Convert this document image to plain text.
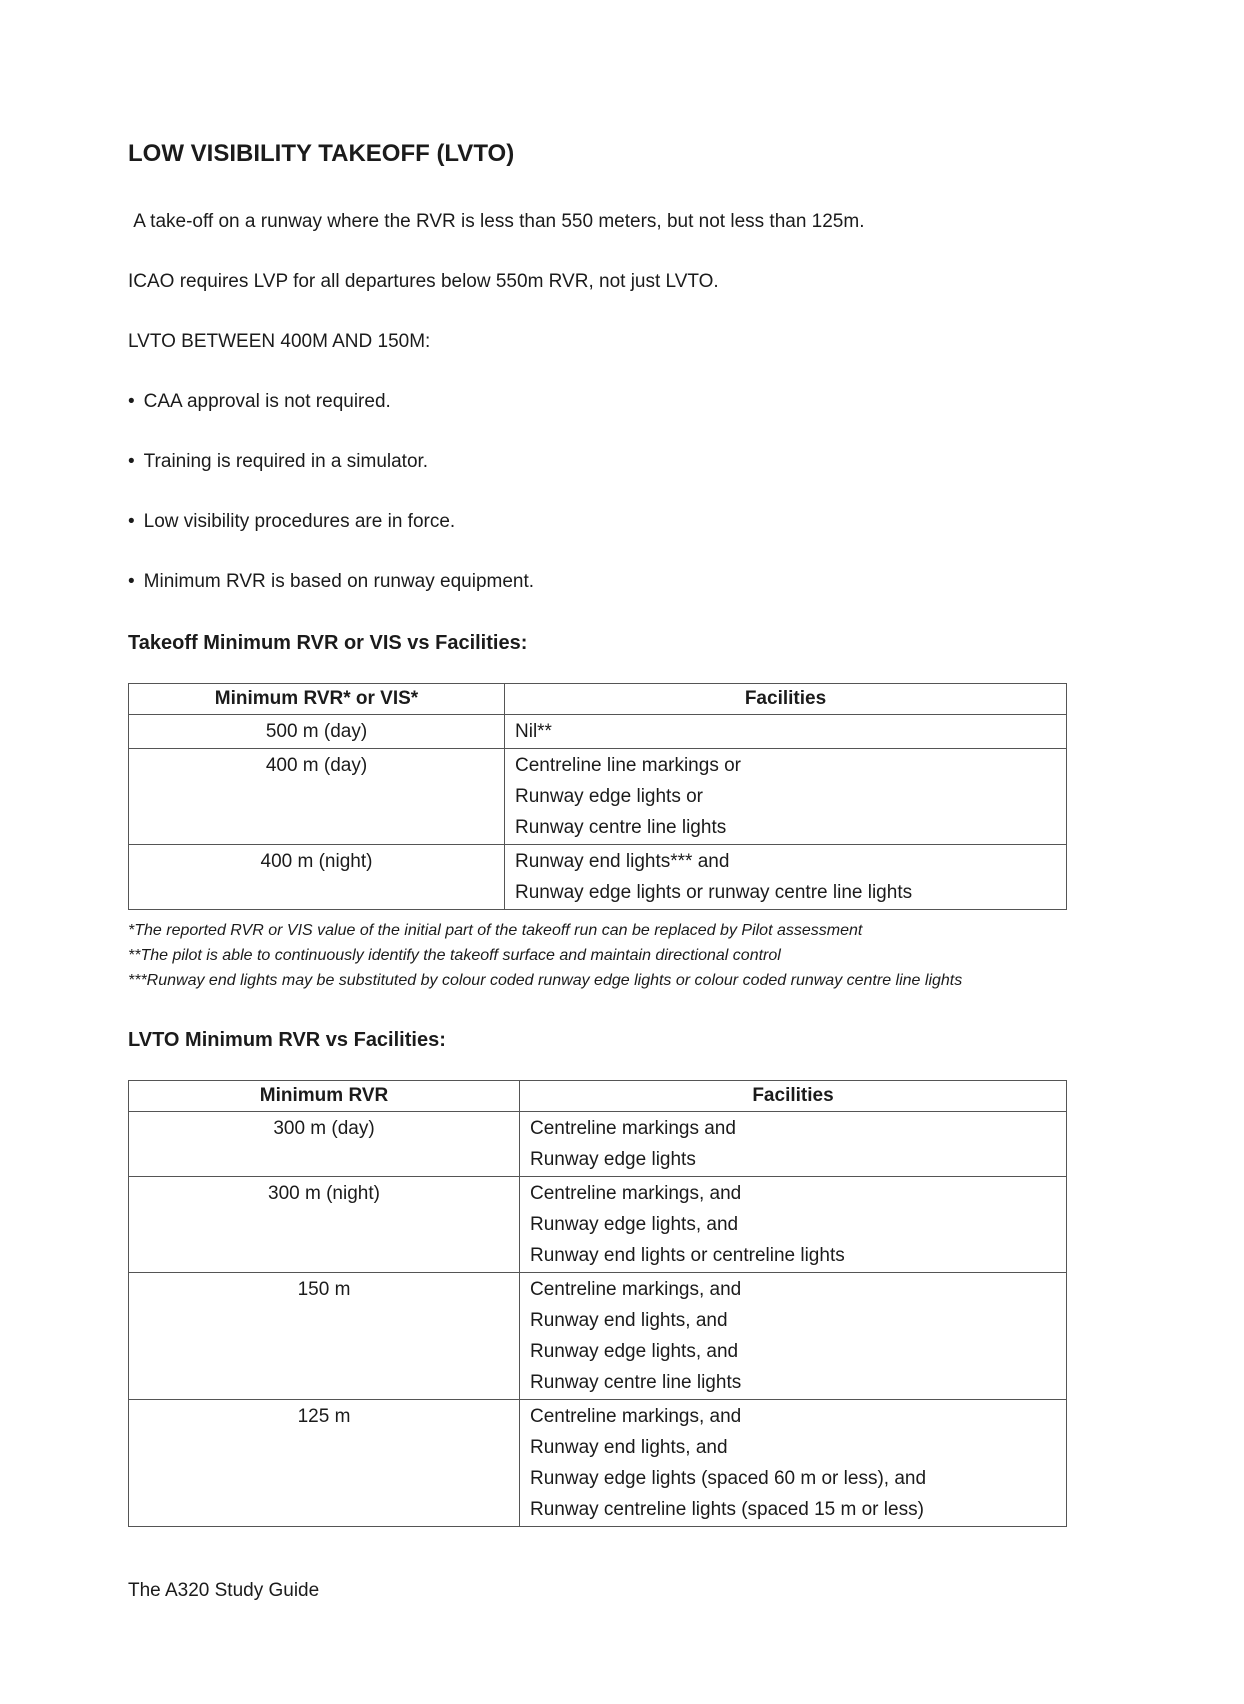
LOW VISIBILITY TAKEOFF (LVTO)

A take-off on a runway where the RVR is less than 550 meters, but not less than 125m.

ICAO requires LVP for all departures below 550m RVR, not just LVTO.

LVTO BETWEEN 400M AND 150M:

• CAA approval is not required.
• Training is required in a simulator.
• Low visibility procedures are in force.
• Minimum RVR is based on runway equipment.
Takeoff Minimum RVR or VIS vs Facilities:
Minimum RVR* or VIS*	Facilities
500 m (day)	Nil**

400 m (day)	Centreline line markings or
Runway edge lights or
Runway centre line lights

400 m (night)	Runway end lights*** and
Runway edge lights or runway centre line lights

*The reported RVR or VIS value of the initial part of the takeoff run can be replaced by Pilot assessment

**The pilot is able to continuously identify the takeoff surface and maintain directional control

***Runway end lights may be substituted by colour coded runway edge lights or colour coded runway centre line lights

LVTO Minimum RVR vs Facilities:
Minimum RVR	Facilities
300 m (day)	Centreline markings and
Runway edge lights

300 m (night)	Centreline markings, and
Runway edge lights, and
Runway end lights or centreline lights

150 m	Centreline markings, and
Runway end lights, and
Runway edge lights, and
Runway centre line lights

125 m	Centreline markings, and
Runway end lights, and
Runway edge lights (spaced 60 m or less), and
Runway centreline lights (spaced 15 m or less)
The A320 Study Guide
